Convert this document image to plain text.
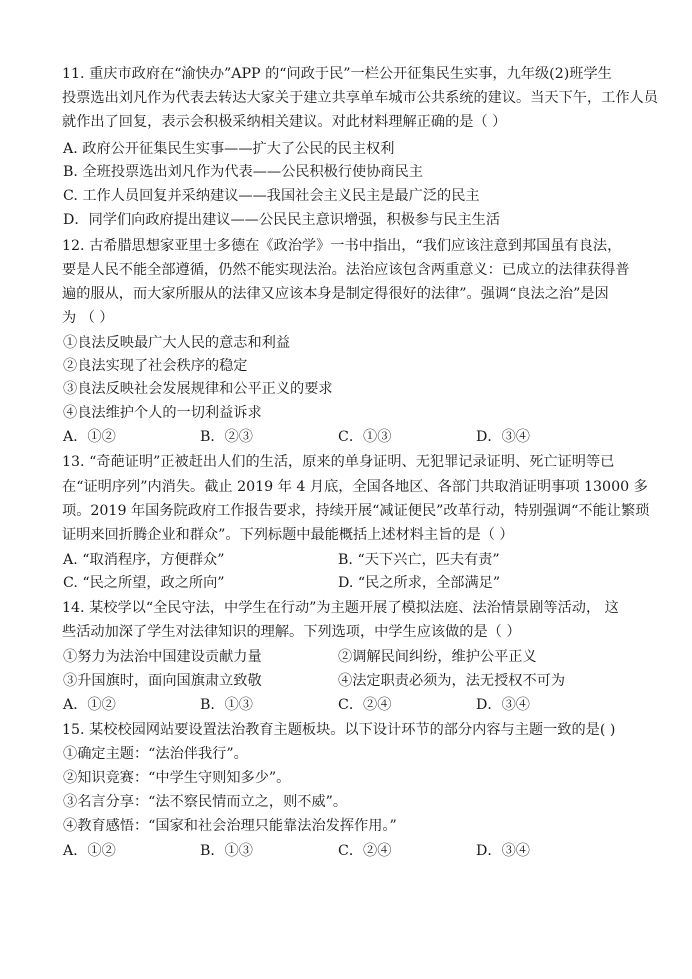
11. 重庆市政府在“渝快办”APP 的“问政于民”一栏公开征集民生实事，九年级(2)班学生
投票选出刘凡作为代表去转达大家关于建立共享单车城市公共系统的建议。当天下午，工作人员
就作出了回复，表示会积极采纳相关建议。对此材料理解正确的是（ ）
A. 政府公开征集民生实事——扩大了公民的民主权利
B. 全班投票选出刘凡作为代表——公民积极行使协商民主
C. 工作人员回复并采纳建议——我国社会主义民主是最广泛的民主
D．同学们向政府提出建议——公民民主意识增强，积极参与民主生活
12. 古希腊思想家亚里士多德在《政治学》一书中指出，“我们应该注意到邦国虽有良法，
要是人民不能全部遵循，仍然不能实现法治。法治应该包含两重意义：已成立的法律获得普
遍的服从，而大家所服从的法律又应该本身是制定得很好的法律”。强调“良法之治”是因
为 （ ）
①良法反映最广大人民的意志和利益
②良法实现了社会秩序的稳定
③良法反映社会发展规律和公平正义的要求
④良法维护个人的一切利益诉求
A．①②	B．②③	C．①③	D．③④
13. “奇葩证明”正被赶出人们的生活，原来的单身证明、无犯罪记录证明、死亡证明等已
在“证明序列”内消失。截止 2019 年 4 月底，全国各地区、各部门共取消证明事项 13000 多
项。2019 年国务院政府工作报告要求，持续开展“减证便民”改革行动，特别强调“不能让繁琐
证明来回折腾企业和群众”。下列标题中最能概括上述材料主旨的是（ ）
A. “取消程序，方便群众”	B. “天下兴亡，匹夫有责”
C. “民之所望，政之所向”	D. “民之所求，全部满足”
14. 某校学以“全民守法，中学生在行动”为主题开展了模拟法庭、法治情景剧等活动， 这
些活动加深了学生对法律知识的理解。下列选项，中学生应该做的是（ ）
①努力为法治中国建设贡献力量	②调解民间纠纷，维护公平正义
③升国旗时，面向国旗肃立致敬	④法定职责必须为，法无授权不可为
A．①②	B．①③	C．②④	D．③④
15. 某校校园网站要设置法治教育主题板块。以下设计环节的部分内容与主题一致的是( )
①确定主题：“法治伴我行”。
②知识竞赛：“中学生守则知多少”。
③名言分享：“法不察民情而立之，则不威”。
④教育感悟：“国家和社会治理只能靠法治发挥作用。”
A．①②	B．①③	C．②④	D．③④
